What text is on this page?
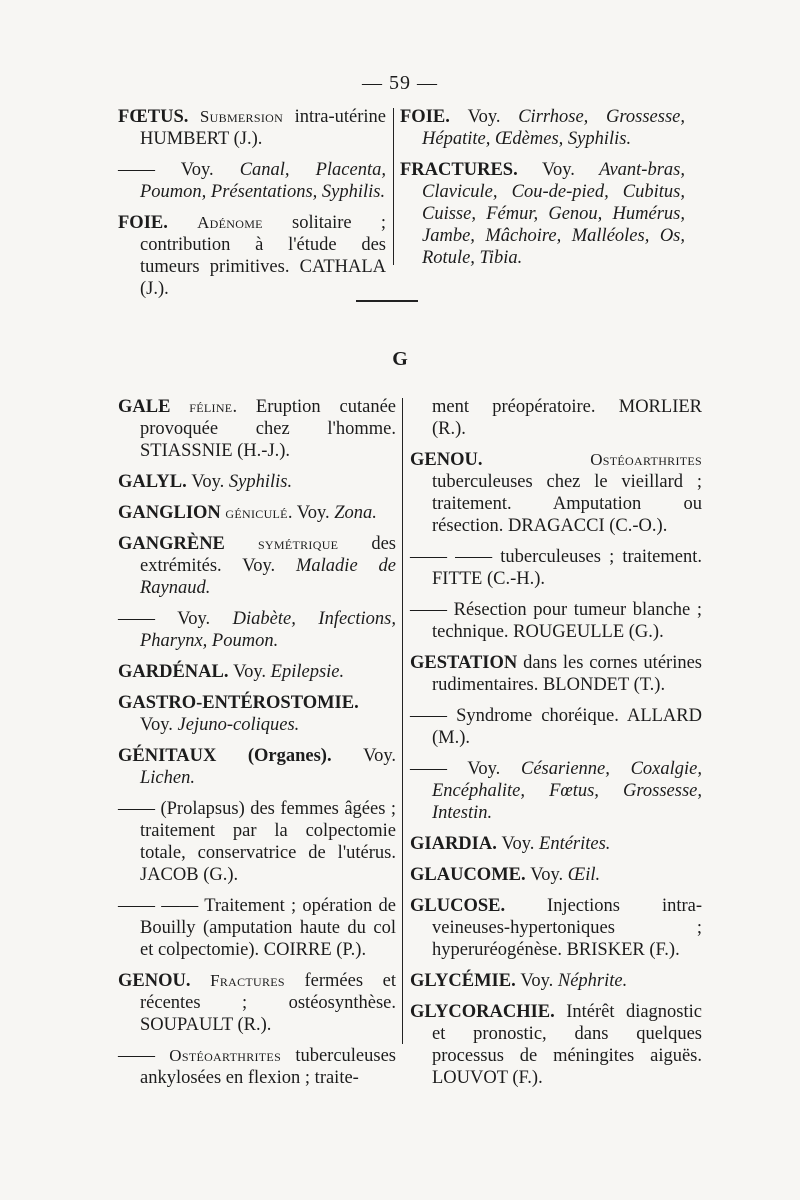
— 59 —

FŒTUS. Submersion intra-utérine HUMBERT (J.).

—— Voy. Canal, Placenta, Poumon, Présentations, Syphilis.

FOIE. Adénome solitaire ; contribution à l'étude des tumeurs primitives. CATHALA (J.).

FOIE. Voy. Cirrhose, Grossesse, Hépatite, Œdèmes, Syphilis.

FRACTURES. Voy. Avant-bras, Clavicule, Cou-de-pied, Cubitus, Cuisse, Fémur, Genou, Humérus, Jambe, Mâchoire, Malléoles, Os, Rotule, Tibia.

G

GALE féline. Eruption cutanée provoquée chez l'homme. STIASSNIE (H.-J.).

GALYL. Voy. Syphilis.

GANGLION géniculé. Voy. Zona.

GANGRÈNE symétrique des extrémités. Voy. Maladie de Raynaud.

—— Voy. Diabète, Infections, Pharynx, Poumon.

GARDÉNAL. Voy. Epilepsie.

GASTRO-ENTÉROSTOMIE. Voy. Jejuno-coliques.

GÉNITAUX (Organes). Voy. Lichen.

—— (Prolapsus) des femmes âgées ; traitement par la colpectomie totale, conservatrice de l'utérus. JACOB (G.).

—— —— Traitement ; opération de Bouilly (amputation haute du col et colpectomie). COIRRE (P.).

GENOU. Fractures fermées et récentes ; ostéosynthèse. SOUPAULT (R.).

—— Ostéoarthrites tuberculeuses ankylosées en flexion ; traite-

ment préopératoire. MORLIER (R.).

GENOU. Ostéoarthrites tuberculeuses chez le vieillard ; traitement. Amputation ou résection. DRAGACCI (C.-O.).

—— —— tuberculeuses ; traitement. FITTE (C.-H.).

—— Résection pour tumeur blanche ; technique. ROUGEULLE (G.).

GESTATION dans les cornes utérines rudimentaires. BLONDET (T.).

—— Syndrome choréique. ALLARD (M.).

—— Voy. Césarienne, Coxalgie, Encéphalite, Fœtus, Grossesse, Intestin.

GIARDIA. Voy. Entérites.

GLAUCOME. Voy. Œil.

GLUCOSE. Injections intra-veineuses-hypertoniques ; hyperuréogénèse. BRISKER (F.).

GLYCÉMIE. Voy. Néphrite.

GLYCORACHIE. Intérêt diagnostic et pronostic, dans quelques processus de méningites aiguës. LOUVOT (F.).
